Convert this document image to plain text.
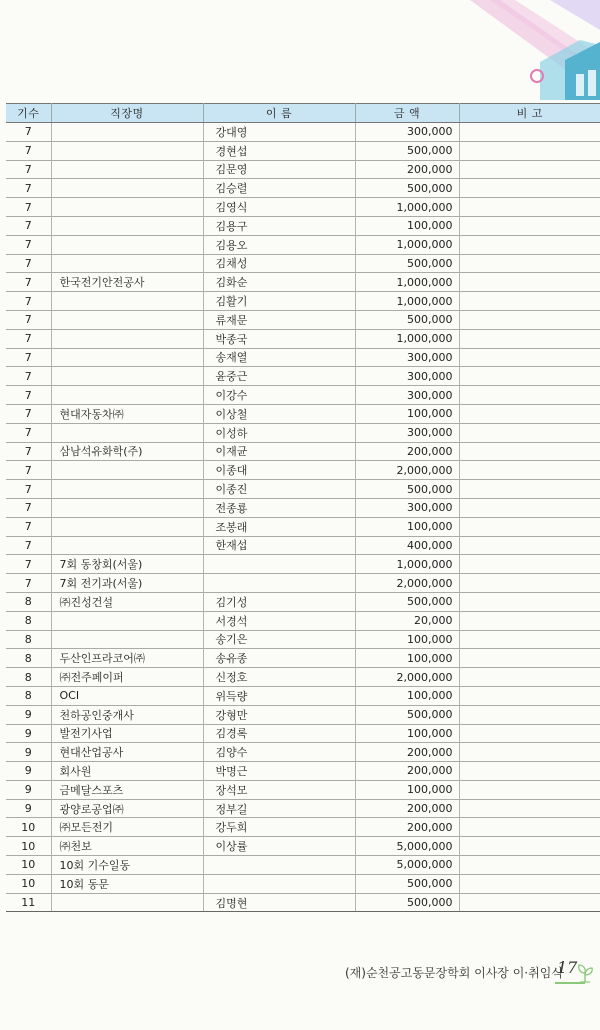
기수	직장명	이 름	금 액	비 고
7		강대영	300,000	
7		경현섭	500,000	
7		김문영	200,000	
7		김승렬	500,000	
7		김영식	1,000,000	
7		김용구	100,000	
7		김용오	1,000,000	
7		김채성	500,000	
7	한국전기안전공사	김화순	1,000,000	
7		김활기	1,000,000	
7		류재문	500,000	
7		박종국	1,000,000	
7		송재열	300,000	
7		윤중근	300,000	
7		이강수	300,000	
7	현대자동차㈜	이상철	100,000	
7		이성하	300,000	
7	삼남석유화학(주)	이재균	200,000	
7		이종대	2,000,000	
7		이종진	500,000	
7		전종룡	300,000	
7		조봉래	100,000	
7		한재섭	400,000	
7	7회 동창회(서울)		1,000,000	
7	7회 전기과(서울)		2,000,000	
8	㈜진성건설	김기성	500,000	
8		서경석	20,000	
8		송기은	100,000	
8	두산인프라코어㈜	송유종	100,000	
8	㈜전주페이퍼	신정호	2,000,000	
8	OCI	위득량	100,000	
9	천하공인중개사	강형만	500,000	
9	발전기사업	김경록	100,000	
9	현대산업공사	김양수	200,000	
9	회사원	박명근	200,000	
9	금메달스포츠	장석모	100,000	
9	광양로공업㈜	정부길	200,000	
10	㈜모든전기	강두희	200,000	
10	㈜천보	이상률	5,000,000	
10	10회 기수일동		5,000,000	
10	10회 동문		500,000	
11		김명현	500,000	
(재)순천공고동문장학회 이사장 이·취임식
17
